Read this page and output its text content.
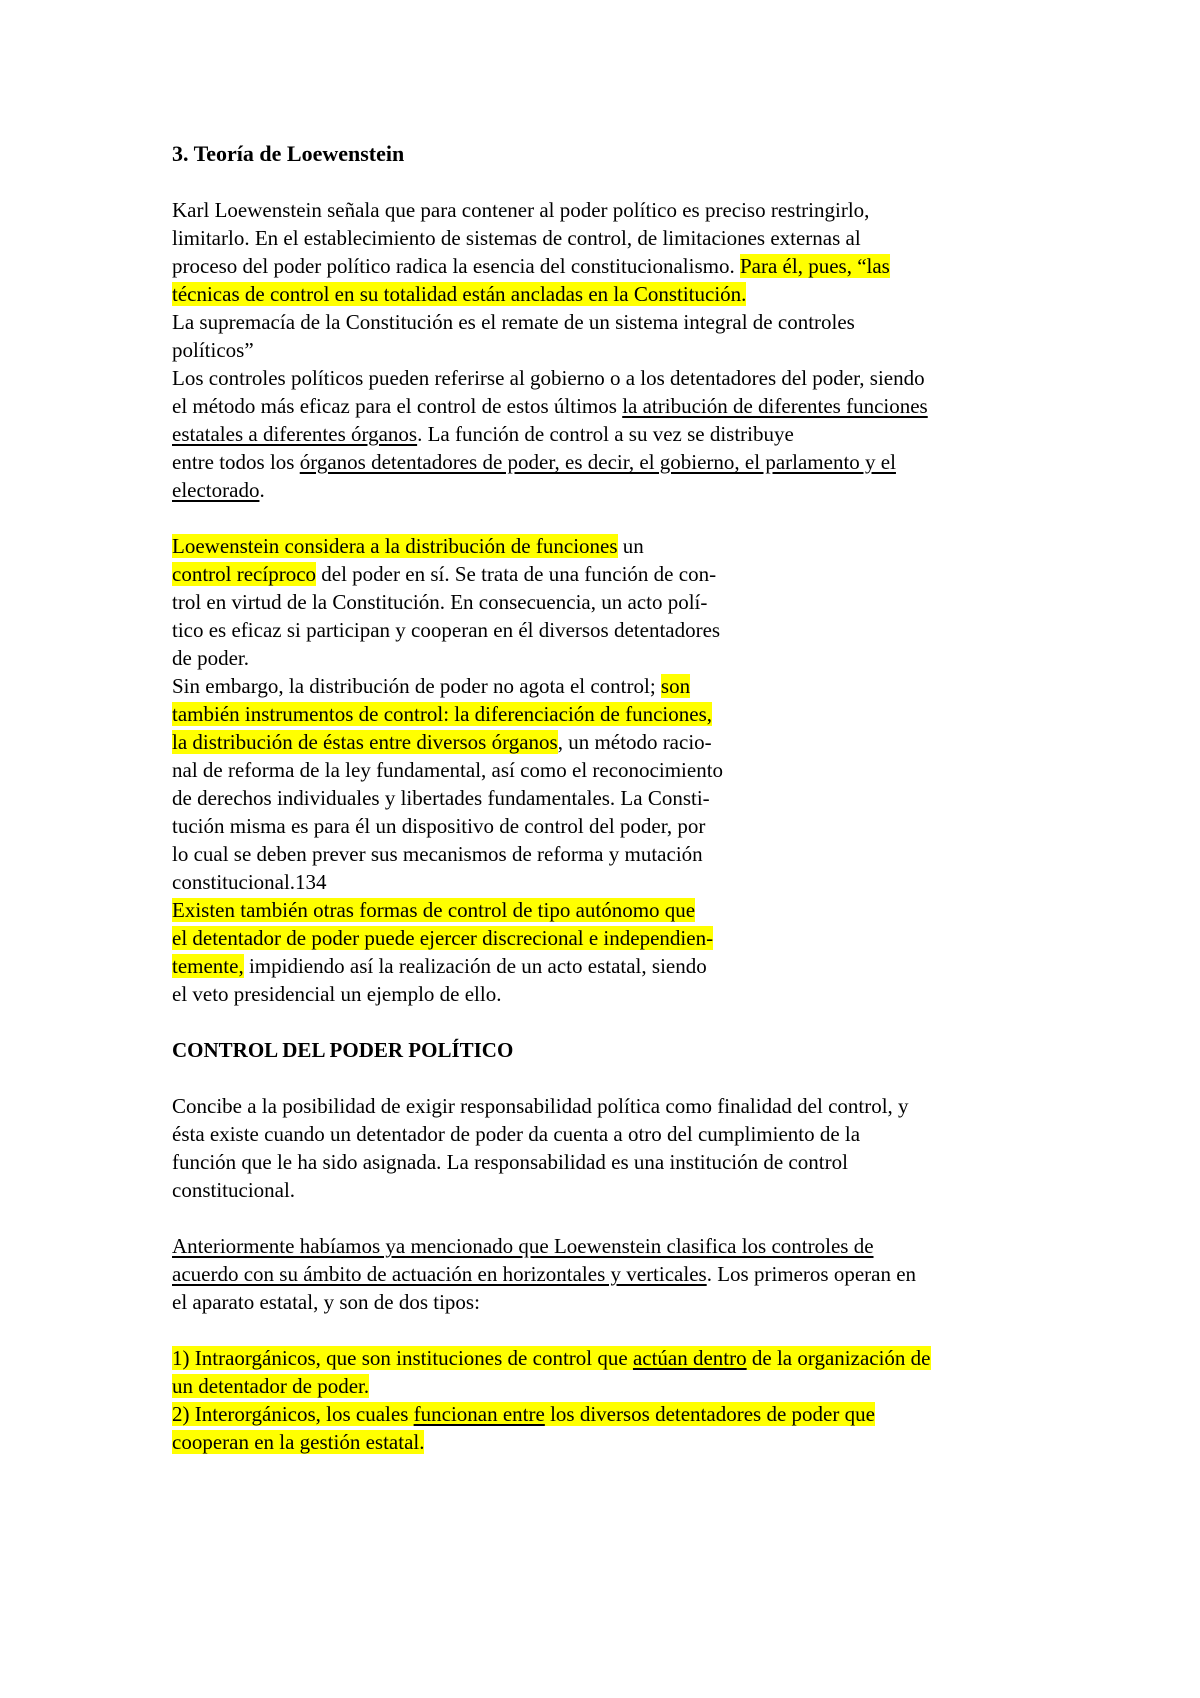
3. Teoría de Loewenstein
Karl Loewenstein señala que para contener al poder político es preciso restringirlo,
limitarlo. En el establecimiento de sistemas de control, de limitaciones externas al
proceso del poder político radica la esencia del constitucionalismo. Para él, pues, “las
técnicas de control en su totalidad están ancladas en la Constitución.
La supremacía de la Constitución es el remate de un sistema integral de controles
políticos”
Los controles políticos pueden referirse al gobierno o a los detentadores del poder, siendo
el método más eficaz para el control de estos últimos la atribución de diferentes funciones
estatales a diferentes órganos. La función de control a su vez se distribuye
entre todos los órganos detentadores de poder, es decir, el gobierno, el parlamento y el
electorado.
Loewenstein considera a la distribución de funciones un
control recíproco del poder en sí. Se trata de una función de con-
trol en virtud de la Constitución. En consecuencia, un acto polí-
tico es eficaz si participan y cooperan en él diversos detentadores
de poder.
Sin embargo, la distribución de poder no agota el control; son
también instrumentos de control: la diferenciación de funciones,
la distribución de éstas entre diversos órganos, un método racio-
nal de reforma de la ley fundamental, así como el reconocimiento
de derechos individuales y libertades fundamentales. La Consti-
tución misma es para él un dispositivo de control del poder, por
lo cual se deben prever sus mecanismos de reforma y mutación
constitucional.134
Existen también otras formas de control de tipo autónomo que
el detentador de poder puede ejercer discrecional e independien-
temente, impidiendo así la realización de un acto estatal, siendo
el veto presidencial un ejemplo de ello.
CONTROL DEL PODER POLÍTICO
Concibe a la posibilidad de exigir responsabilidad política como finalidad del control, y
ésta existe cuando un detentador de poder da cuenta a otro del cumplimiento de la
función que le ha sido asignada. La responsabilidad es una institución de control
constitucional.
Anteriormente habíamos ya mencionado que Loewenstein clasifica los controles de
acuerdo con su ámbito de actuación en horizontales y verticales. Los primeros operan en
el aparato estatal, y son de dos tipos:
1) Intraorgánicos, que son instituciones de control que actúan dentro de la organización de
un detentador de poder.
2) Interorgánicos, los cuales funcionan entre los diversos detentadores de poder que
cooperan en la gestión estatal.
